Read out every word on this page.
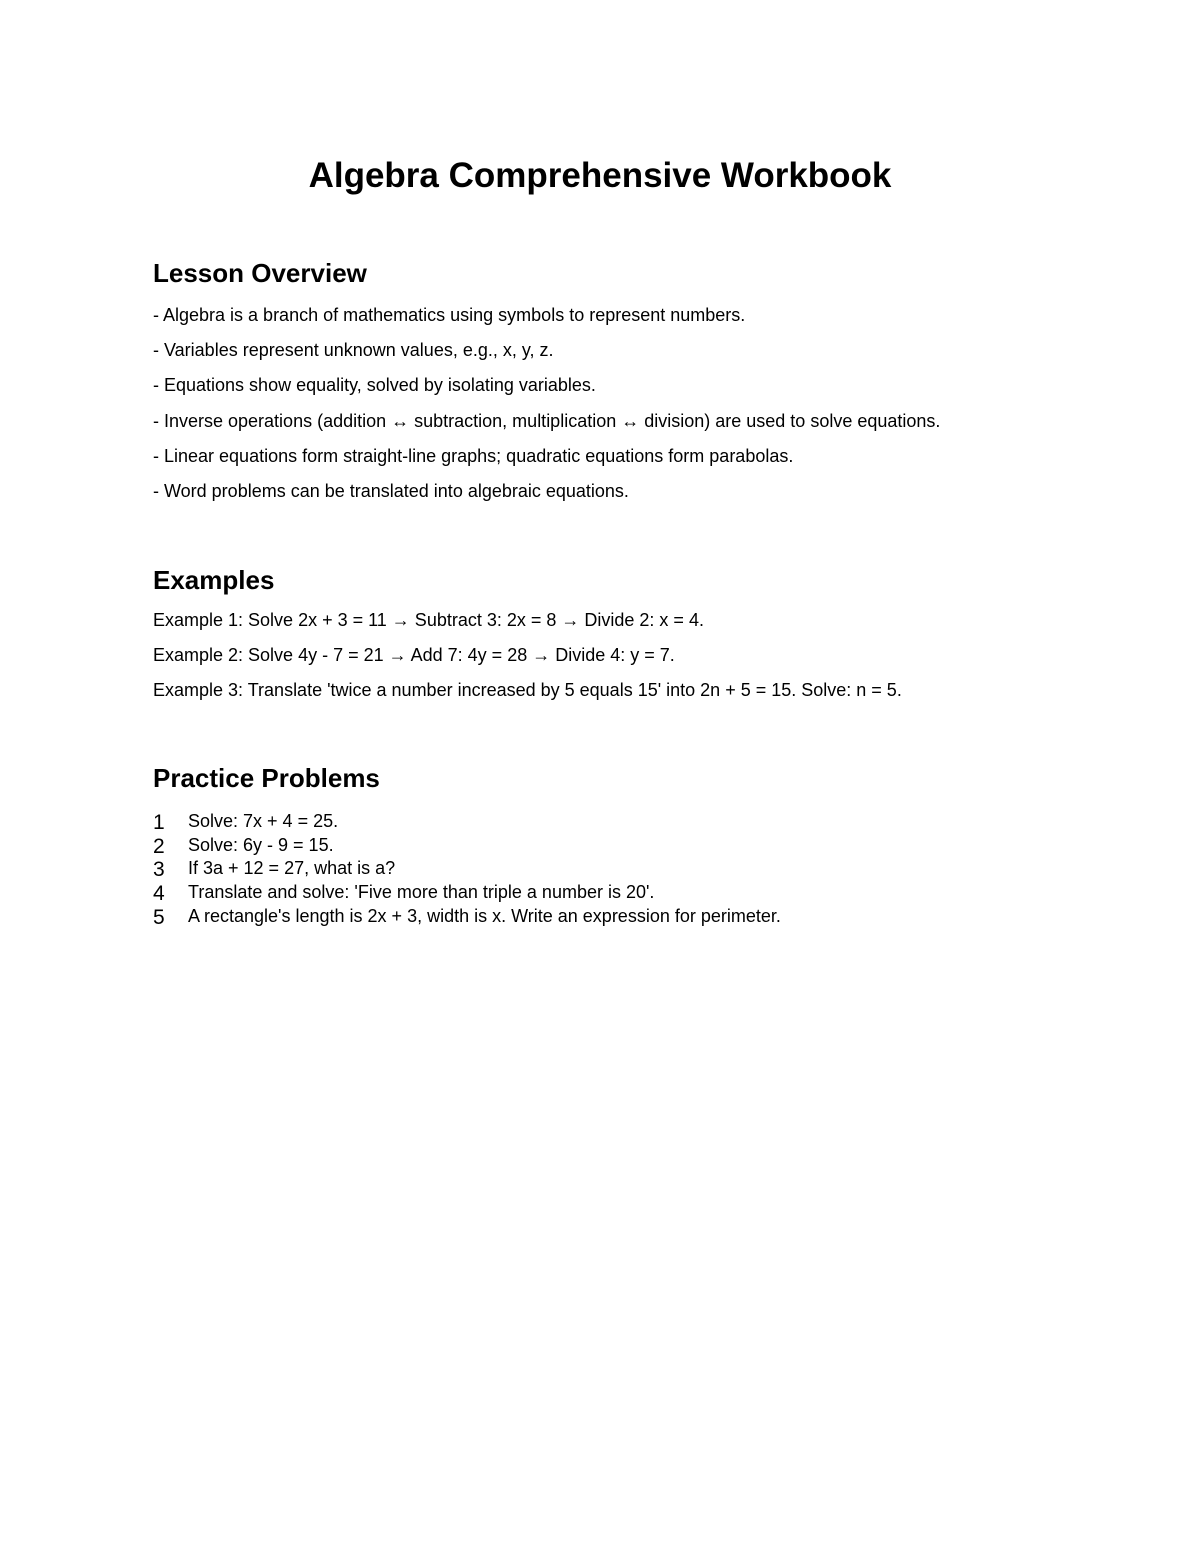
Algebra Comprehensive Workbook
Lesson Overview

- Algebra is a branch of mathematics using symbols to represent numbers.

- Variables represent unknown values, e.g., x, y, z.

- Equations show equality, solved by isolating variables.

- Inverse operations (addition ↔ subtraction, multiplication ↔ division) are used to solve equations.

- Linear equations form straight-line graphs; quadratic equations form parabolas.

- Word problems can be translated into algebraic equations.

Examples

Example 1: Solve 2x + 3 = 11 → Subtract 3: 2x = 8 → Divide 2: x = 4.

Example 2: Solve 4y - 7 = 21 → Add 7: 4y = 28 → Divide 4: y = 7.

Example 3: Translate 'twice a number increased by 5 equals 15' into 2n + 5 = 15. Solve: n = 5.

Practice Problems
1	Solve: 7x + 4 = 25.
2	Solve: 6y - 9 = 15.
3	If 3a + 12 = 27, what is a?
4	Translate and solve: 'Five more than triple a number is 20'.
5	A rectangle's length is 2x + 3, width is x. Write an expression for perimeter.
